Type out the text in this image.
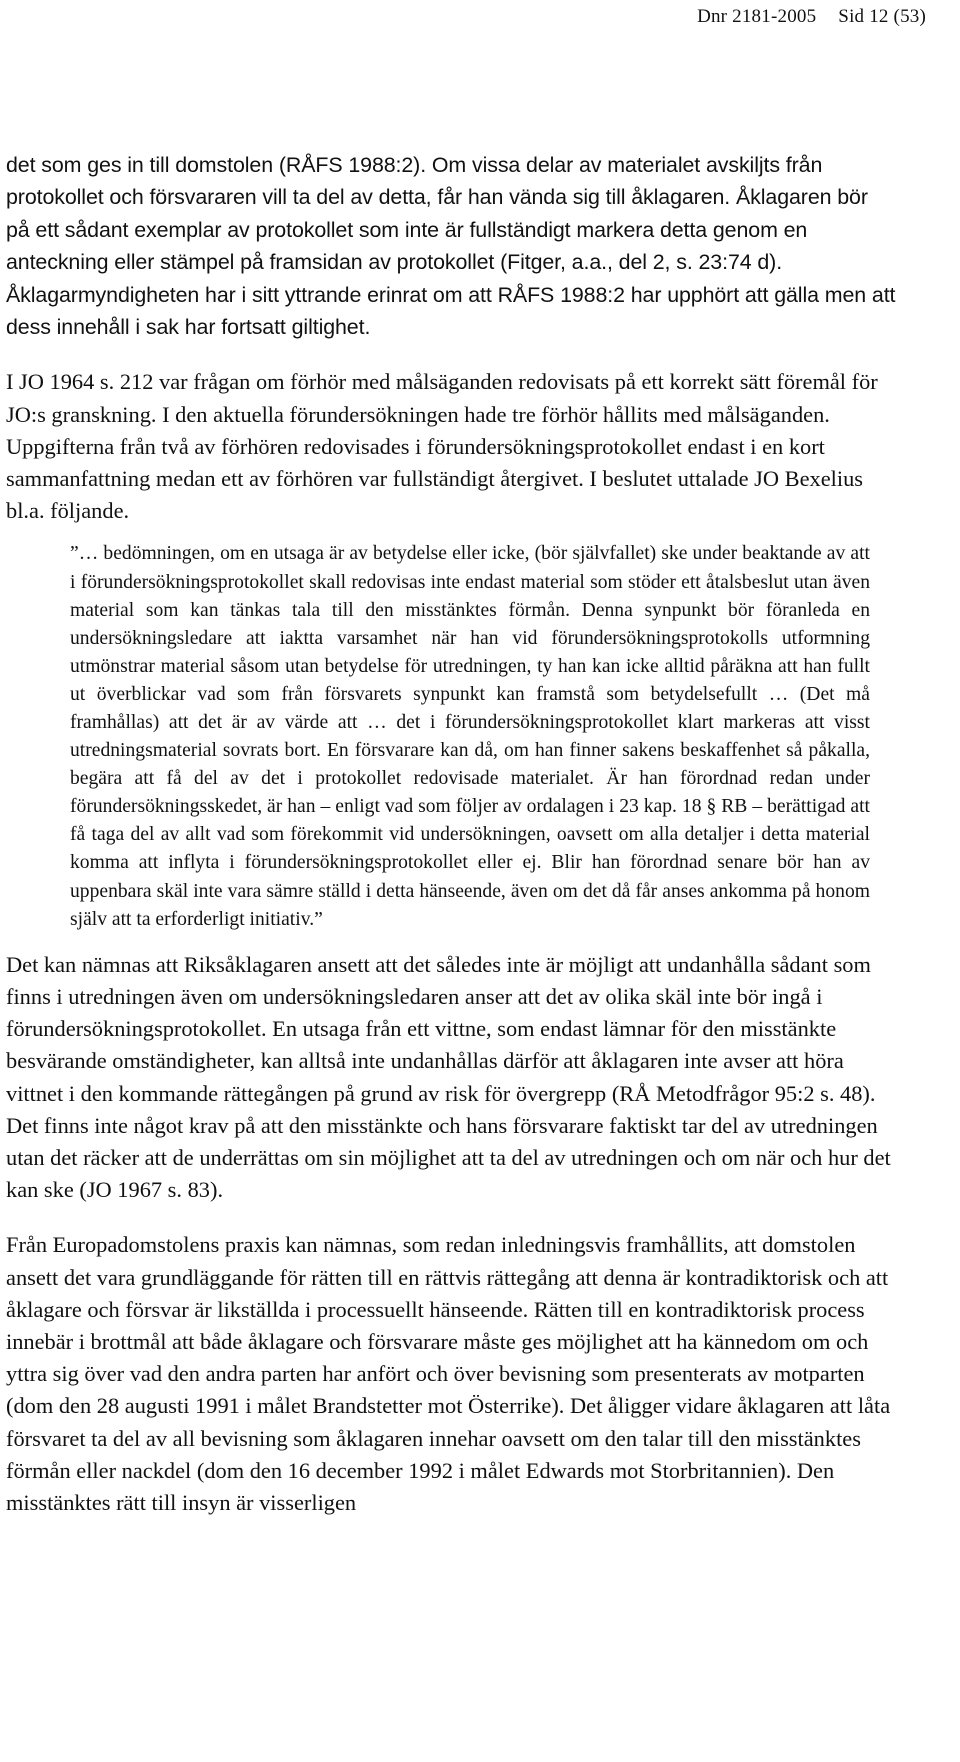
Dnr 2181-2005 Sid 12 (53)

det som ges in till domstolen (RÅFS 1988:2). Om vissa delar av materialet avskiljts från protokollet och försvararen vill ta del av detta, får han vända sig till åklagaren. Åklagaren bör på ett sådant exemplar av protokollet som inte är fullständigt markera detta genom en anteckning eller stämpel på framsidan av protokollet (Fitger, a.a., del 2, s. 23:74 d). Åklagarmyndigheten har i sitt yttrande erinrat om att RÅFS 1988:2 har upphört att gälla men att dess innehåll i sak har fortsatt giltighet.

I JO 1964 s. 212 var frågan om förhör med målsäganden redovisats på ett korrekt sätt föremål för JO:s granskning. I den aktuella förundersökningen hade tre förhör hållits med målsäganden. Uppgifterna från två av förhören redovisades i förundersökningsprotokollet endast i en kort sammanfattning medan ett av förhören var fullständigt återgivet. I beslutet uttalade JO Bexelius bl.a. följande.

”… bedömningen, om en utsaga är av betydelse eller icke, (bör självfallet) ske under beaktande av att i förundersökningsprotokollet skall redovisas inte endast material som stöder ett åtalsbeslut utan även material som kan tänkas tala till den misstänktes förmån. Denna synpunkt bör föranleda en undersökningsledare att iaktta varsamhet när han vid förundersökningsprotokolls utformning utmönstrar material såsom utan betydelse för utredningen, ty han kan icke alltid påräkna att han fullt ut överblickar vad som från försvarets synpunkt kan framstå som betydelsefullt … (Det må framhållas) att det är av värde att … det i förundersökningsprotokollet klart markeras att visst utredningsmaterial sovrats bort. En försvarare kan då, om han finner sakens beskaffenhet så påkalla, begära att få del av det i protokollet redovisade materialet. Är han förordnad redan under förundersökningsskedet, är han – enligt vad som följer av ordalagen i 23 kap. 18 § RB – berättigad att få taga del av allt vad som förekommit vid undersökningen, oavsett om alla detaljer i detta material komma att inflyta i förundersökningsprotokollet eller ej. Blir han förordnad senare bör han av uppenbara skäl inte vara sämre ställd i detta hänseende, även om det då får anses ankomma på honom själv att ta erforderligt initiativ.”

Det kan nämnas att Riksåklagaren ansett att det således inte är möjligt att undanhålla sådant som finns i utredningen även om undersökningsledaren anser att det av olika skäl inte bör ingå i förundersökningsprotokollet. En utsaga från ett vittne, som endast lämnar för den misstänkte besvärande omständigheter, kan alltså inte undanhållas därför att åklagaren inte avser att höra vittnet i den kommande rättegången på grund av risk för övergrepp (RÅ Metodfrågor 95:2 s. 48). Det finns inte något krav på att den misstänkte och hans försvarare faktiskt tar del av utredningen utan det räcker att de underrättas om sin möjlighet att ta del av utredningen och om när och hur det kan ske (JO 1967 s. 83).

Från Europadomstolens praxis kan nämnas, som redan inledningsvis framhållits, att domstolen ansett det vara grundläggande för rätten till en rättvis rättegång att denna är kontradiktorisk och att åklagare och försvar är likställda i processuellt hänseende. Rätten till en kontradiktorisk process innebär i brottmål att både åklagare och försvarare måste ges möjlighet att ha kännedom om och yttra sig över vad den andra parten har anfört och över bevisning som presenterats av motparten (dom den 28 augusti 1991 i målet Brandstetter mot Österrike). Det åligger vidare åklagaren att låta försvaret ta del av all bevisning som åklagaren innehar oavsett om den talar till den misstänktes förmån eller nackdel (dom den 16 december 1992 i målet Edwards mot Storbritannien). Den misstänktes rätt till insyn är visserligen
